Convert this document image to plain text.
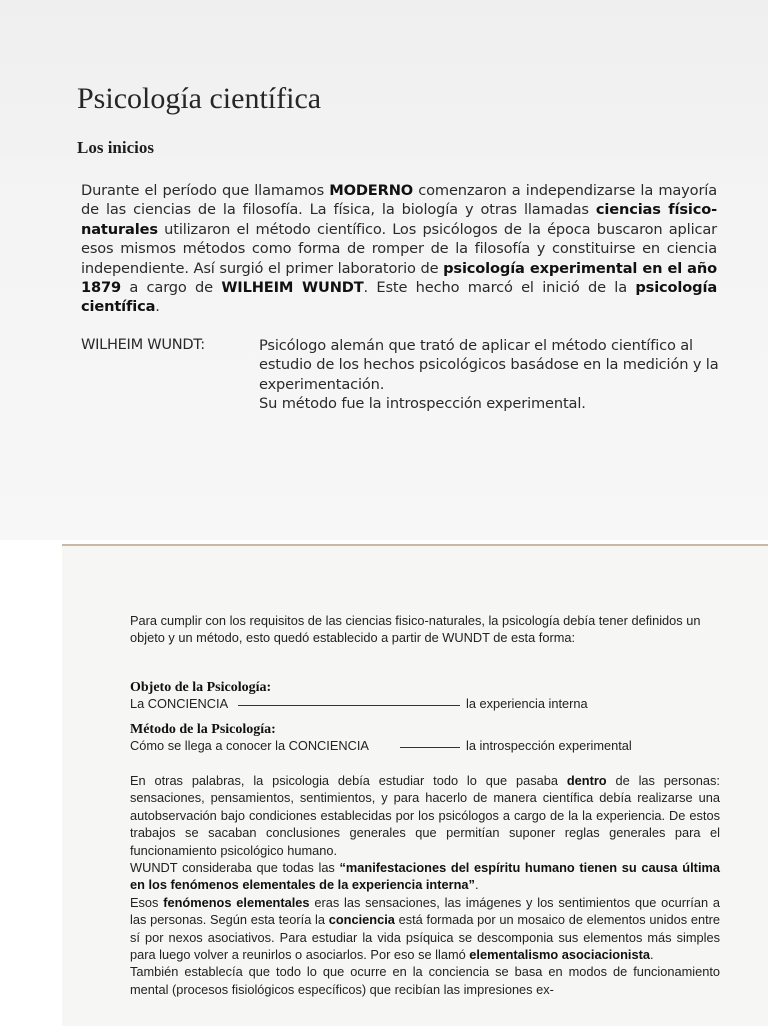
Psicología científica
Los inicios

Durante el período que llamamos MODERNO comenzaron a independizarse la mayoría de las ciencias de la filosofía. La física, la biología y otras llamadas ciencias físico-naturales utilizaron el método científico. Los psicólogos de la época buscaron aplicar esos mismos métodos como forma de romper de la filosofía y constituirse en ciencia independiente. Así surgió el primer laboratorio de psicología experimental en el año 1879 a cargo de WILHEIM WUNDT. Este hecho marcó el inició de la psicología científica.

WILHEIM WUNDT:	Psicólogo alemán que trató de aplicar el método científico al estudio de los hechos psicológicos basádose en la medición y la experimentación.
Su método fue la introspección experimental.

Para cumplir con los requisitos de las ciencias fisico-naturales, la psicología debía tener definidos un objeto y un método, esto quedó establecido a partir de WUNDT de esta forma:

Objeto de la Psicología:
La CONCIENCIA	la experiencia interna
Método de la Psicología:
Cómo se llega a conocer la CONCIENCIA	la introspección experimental

En otras palabras, la psicologia debía estudiar todo lo que pasaba dentro de las personas: sensaciones, pensamientos, sentimientos, y para hacerlo de manera científica debía realizarse una autobservación bajo condiciones establecidas por los psicólogos a cargo de la la experiencia. De estos trabajos se sacaban conclusiones generales que permitían suponer reglas generales para el funcionamiento psicológico humano.
WUNDT consideraba que todas las “manifestaciones del espíritu humano tienen su causa última en los fenómenos elementales de la experiencia interna”.
Esos fenómenos elementales eras las sensaciones, las imágenes y los sentimientos que ocurrían a las personas. Según esta teoría la conciencia está formada por un mosaico de elementos unidos entre sí por nexos asociativos. Para estudiar la vida psíquica se descomponia sus elementos más simples para luego volver a reunirlos o asociarlos. Por eso se llamó elementalismo asociacionista.
También establecía que todo lo que ocurre en la conciencia se basa en modos de funcionamiento mental (procesos fisiológicos específicos) que recibían las impresiones ex-
